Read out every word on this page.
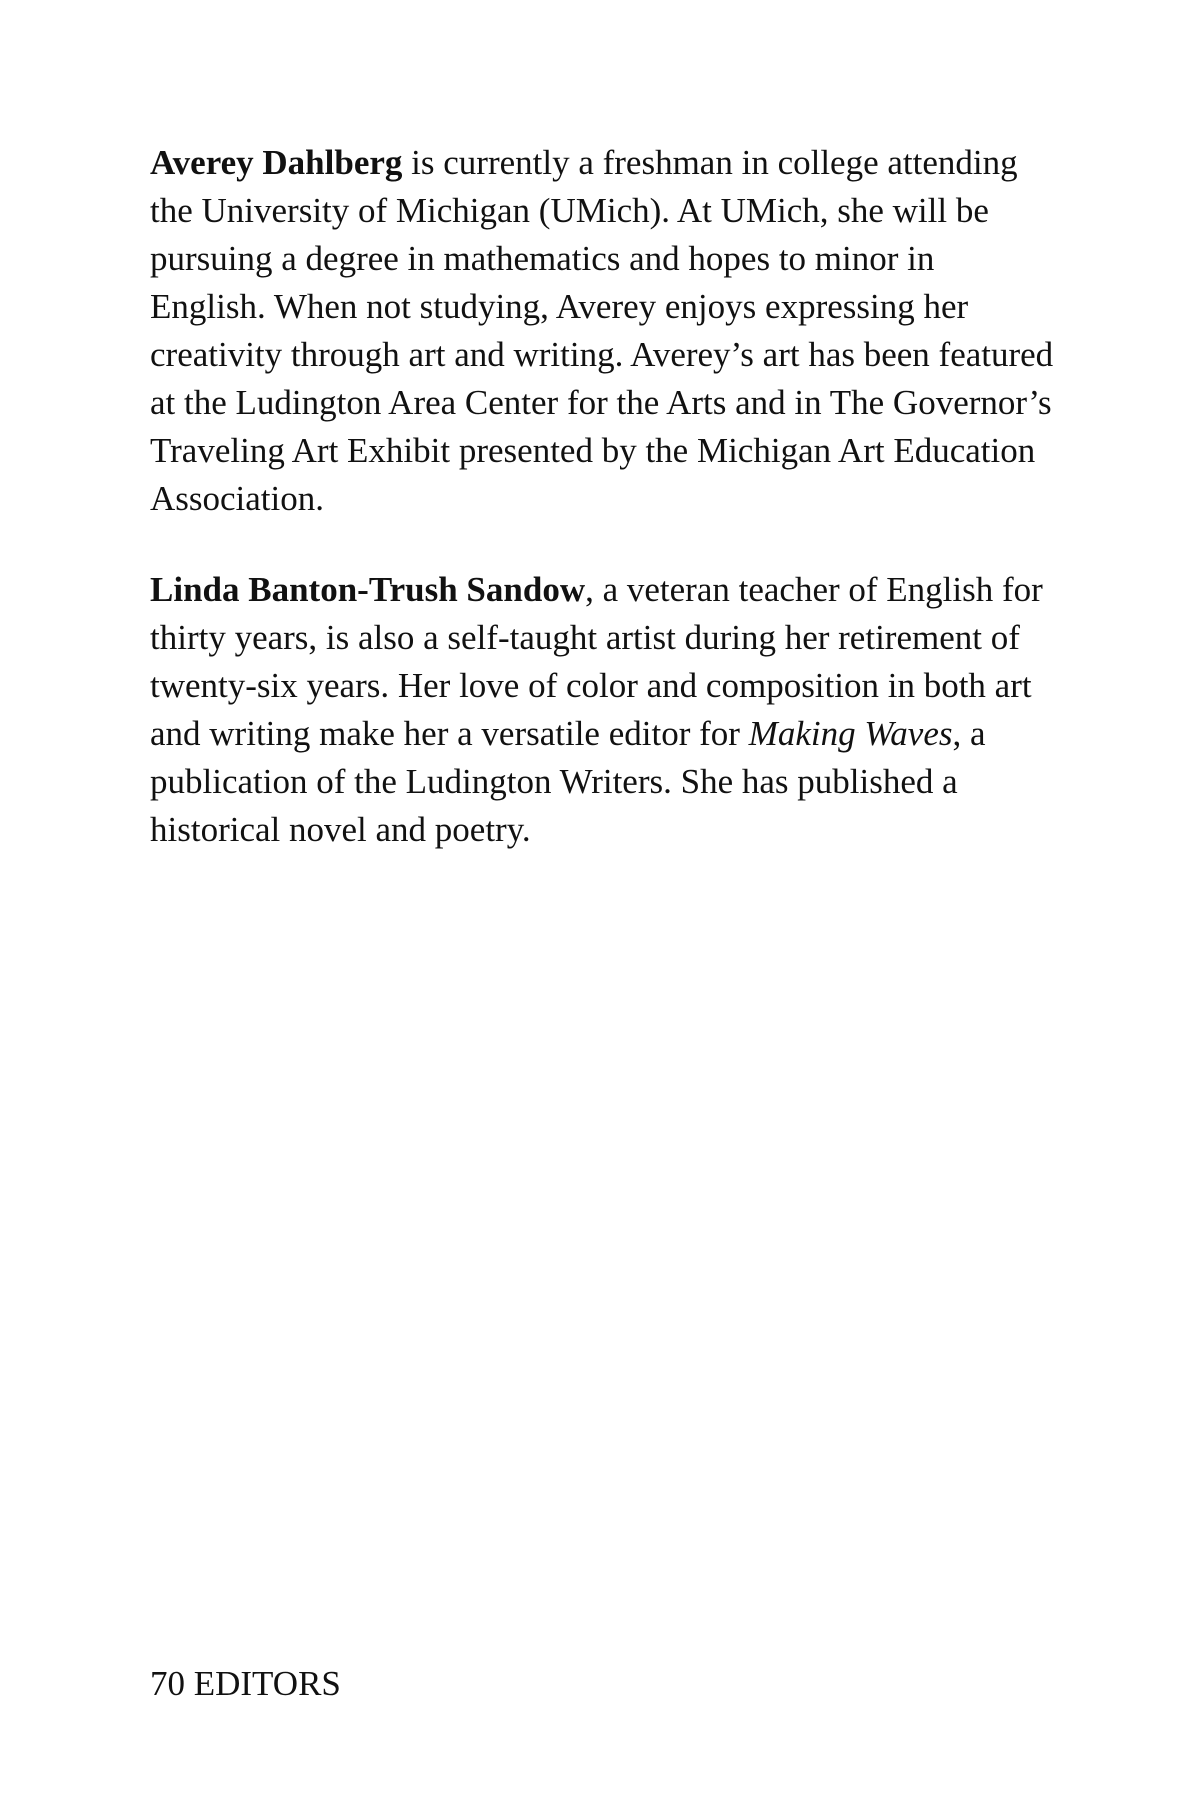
Averey Dahlberg is currently a freshman in college attending the University of Michigan (UMich). At UMich, she will be pursuing a degree in mathematics and hopes to minor in English. When not studying, Averey enjoys expressing her creativity through art and writing. Averey’s art has been featured at the Ludington Area Center for the Arts and in The Governor’s Traveling Art Exhibit presented by the Michigan Art Education Association.

Linda Banton-Trush Sandow, a veteran teacher of English for thirty years, is also a self-taught artist during her retirement of twenty-six years. Her love of color and composition in both art and writing make her a versatile editor for Making Waves, a publication of the Ludington Writers. She has published a historical novel and poetry.

70 EDITORS
